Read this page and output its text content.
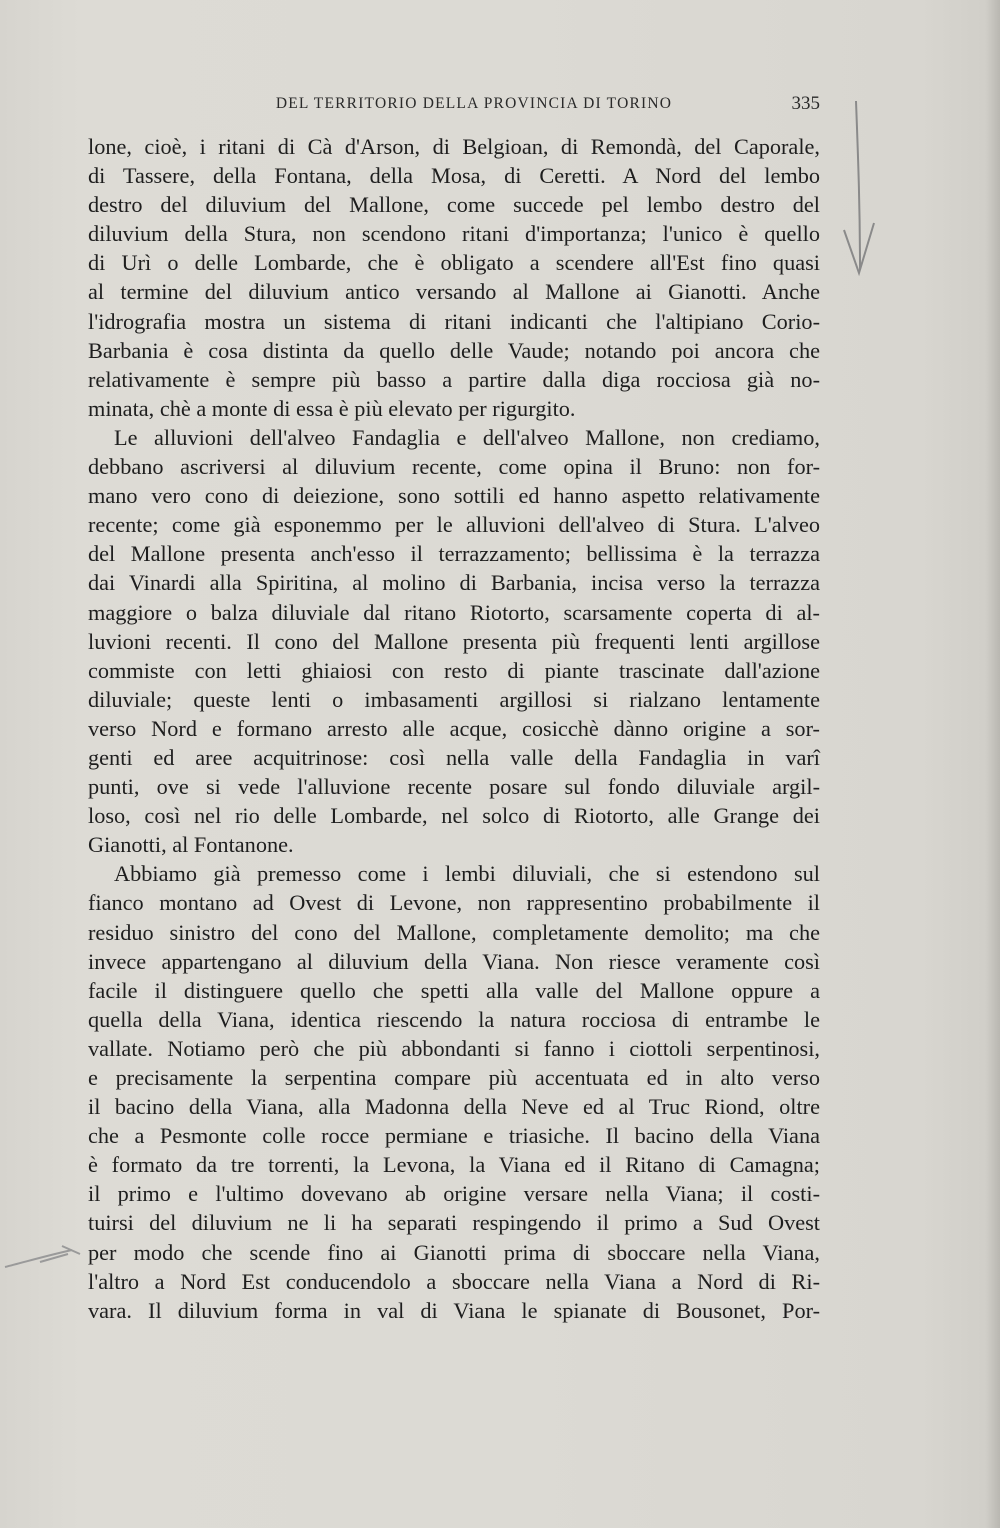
DEL TERRITORIO DELLA PROVINCIA DI TORINO	335
lone, cioè, i ritani di Cà d'Arson, di Belgioan, di Remondà, del Caporale,
di Tassere, della Fontana, della Mosa, di Ceretti. A Nord del lembo
destro del diluvium del Mallone, come succede pel lembo destro del
diluvium della Stura, non scendono ritani d'importanza; l'unico è quello
di Urì o delle Lombarde, che è obligato a scendere all'Est fino quasi
al termine del diluvium antico versando al Mallone ai Gianotti. Anche
l'idrografia mostra un sistema di ritani indicanti che l'altipiano Corio-
Barbania è cosa distinta da quello delle Vaude; notando poi ancora che
relativamente è sempre più basso a partire dalla diga rocciosa già no-
minata, chè a monte di essa è più elevato per rigurgito.
Le alluvioni dell'alveo Fandaglia e dell'alveo Mallone, non crediamo,
debbano ascriversi al diluvium recente, come opina il Bruno: non for-
mano vero cono di deiezione, sono sottili ed hanno aspetto relativamente
recente; come già esponemmo per le alluvioni dell'alveo di Stura. L'alveo
del Mallone presenta anch'esso il terrazzamento; bellissima è la terrazza
dai Vinardi alla Spiritina, al molino di Barbania, incisa verso la terrazza
maggiore o balza diluviale dal ritano Riotorto, scarsamente coperta di al-
luvioni recenti. Il cono del Mallone presenta più frequenti lenti argillose
commiste con letti ghiaiosi con resto di piante trascinate dall'azione
diluviale; queste lenti o imbasamenti argillosi si rialzano lentamente
verso Nord e formano arresto alle acque, cosicchè dànno origine a sor-
genti ed aree acquitrinose: così nella valle della Fandaglia in varî
punti, ove si vede l'alluvione recente posare sul fondo diluviale argil-
loso, così nel rio delle Lombarde, nel solco di Riotorto, alle Grange dei
Gianotti, al Fontanone.
Abbiamo già premesso come i lembi diluviali, che si estendono sul
fianco montano ad Ovest di Levone, non rappresentino probabilmente il
residuo sinistro del cono del Mallone, completamente demolito; ma che
invece appartengano al diluvium della Viana. Non riesce veramente così
facile il distinguere quello che spetti alla valle del Mallone oppure a
quella della Viana, identica riescendo la natura rocciosa di entrambe le
vallate. Notiamo però che più abbondanti si fanno i ciottoli serpentinosi,
e precisamente la serpentina compare più accentuata ed in alto verso
il bacino della Viana, alla Madonna della Neve ed al Truc Riond, oltre
che a Pesmonte colle rocce permiane e triasiche. Il bacino della Viana
è formato da tre torrenti, la Levona, la Viana ed il Ritano di Camagna;
il primo e l'ultimo dovevano ab origine versare nella Viana; il costi-
tuirsi del diluvium ne li ha separati respingendo il primo a Sud Ovest
per modo che scende fino ai Gianotti prima di sboccare nella Viana,
l'altro a Nord Est conducendolo a sboccare nella Viana a Nord di Ri-
vara. Il diluvium forma in val di Viana le spianate di Bousonet, Por-
